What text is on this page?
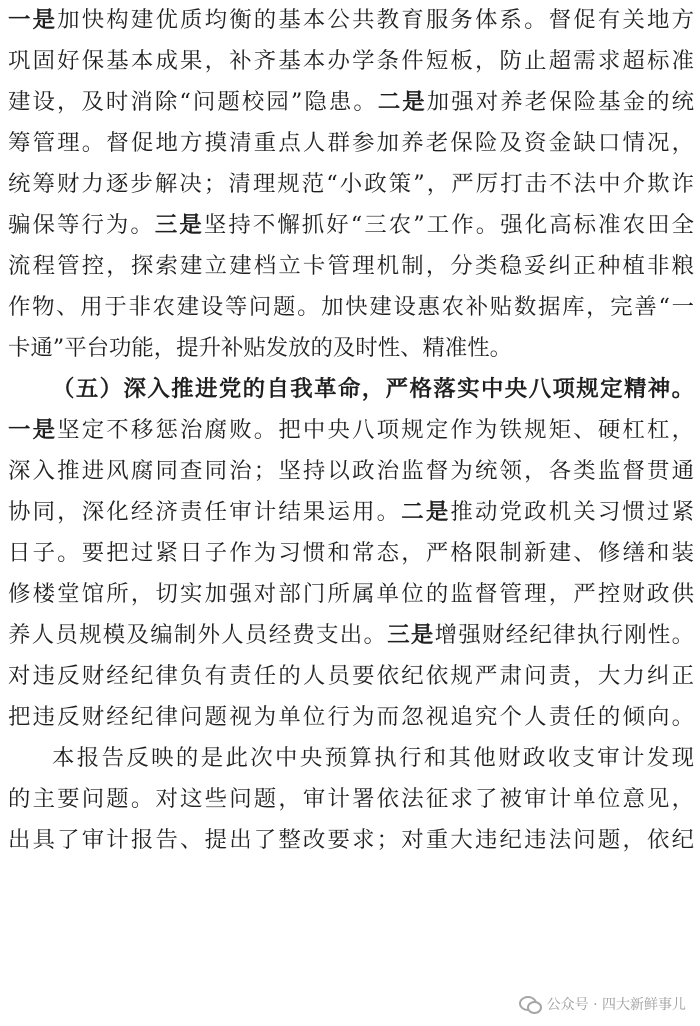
一是加快构建优质均衡的基本公共教育服务体系。督促有关地方
巩固好保基本成果，补齐基本办学条件短板，防止超需求超标准
建设，及时消除“问题校园”隐患。二是加强对养老保险基金的统
筹管理。督促地方摸清重点人群参加养老保险及资金缺口情况，
统筹财力逐步解决；清理规范“小政策”，严厉打击不法中介欺诈
骗保等行为。三是坚持不懈抓好“三农”工作。强化高标准农田全
流程管控，探索建立建档立卡管理机制，分类稳妥纠正种植非粮
作物、用于非农建设等问题。加快建设惠农补贴数据库，完善“一
卡通”平台功能，提升补贴发放的及时性、精准性。
（五）深入推进党的自我革命，严格落实中央八项规定精神。
一是坚定不移惩治腐败。把中央八项规定作为铁规矩、硬杠杠，
深入推进风腐同查同治；坚持以政治监督为统领，各类监督贯通
协同，深化经济责任审计结果运用。二是推动党政机关习惯过紧
日子。要把过紧日子作为习惯和常态，严格限制新建、修缮和装
修楼堂馆所，切实加强对部门所属单位的监督管理，严控财政供
养人员规模及编制外人员经费支出。三是增强财经纪律执行刚性。
对违反财经纪律负有责任的人员要依纪依规严肃问责，大力纠正
把违反财经纪律问题视为单位行为而忽视追究个人责任的倾向。
本报告反映的是此次中央预算执行和其他财政收支审计发现
的主要问题。对这些问题，审计署依法征求了被审计单位意见，
出具了审计报告、提出了整改要求；对重大违纪违法问题，依纪
公众号 · 四大新鲜事儿
